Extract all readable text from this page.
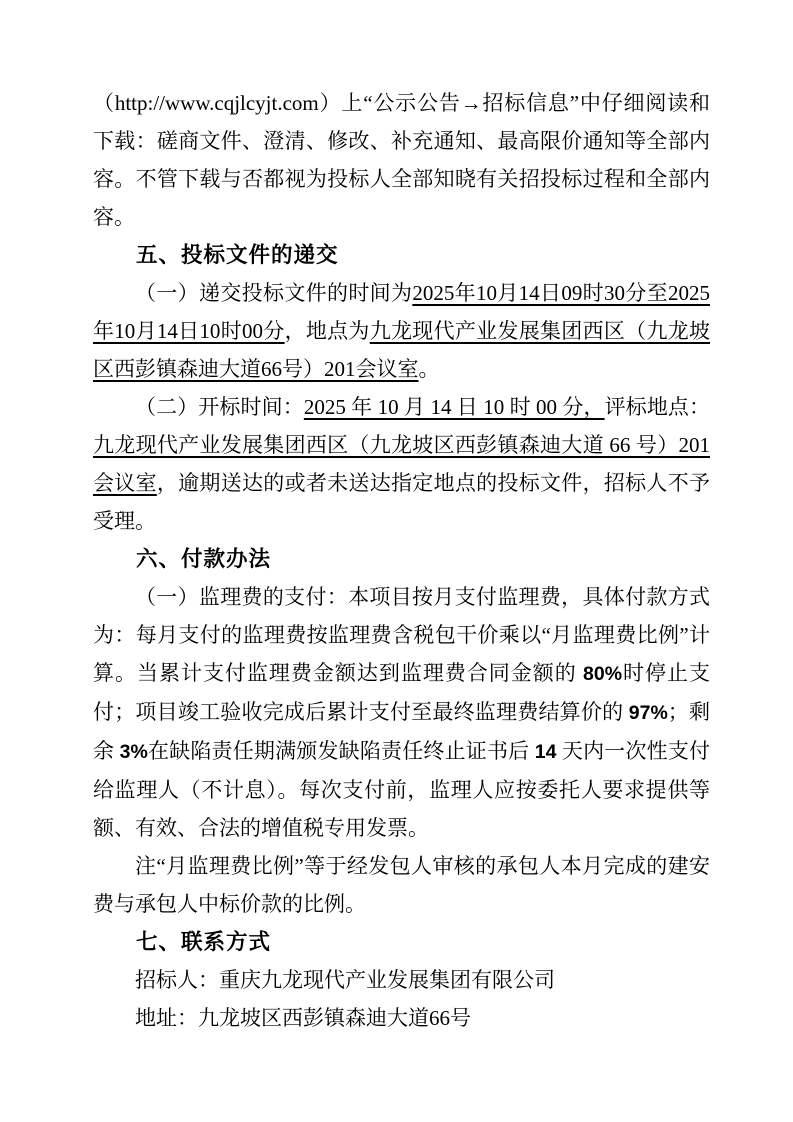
（http://www.cqjlcyjt.com）上“公示公告→招标信息”中仔细阅读和下载：磋商文件、澄清、修改、补充通知、最高限价通知等全部内容。不管下载与否都视为投标人全部知晓有关招投标过程和全部内容。

五、投标文件的递交

（一）递交投标文件的时间为2025年10月14日09时30分至2025年10月14日10时00分，地点为九龙现代产业发展集团西区（九龙坡区西彭镇森迪大道66号）201会议室。

（二）开标时间：2025 年 10 月 14 日 10 时 00 分，评标地点：九龙现代产业发展集团西区（九龙坡区西彭镇森迪大道 66 号）201会议室，逾期送达的或者未送达指定地点的投标文件，招标人不予受理。

六、付款办法

（一）监理费的支付：本项目按月支付监理费，具体付款方式为：每月支付的监理费按监理费含税包干价乘以“月监理费比例”计算。当累计支付监理费金额达到监理费合同金额的 80%时停止支付；项目竣工验收完成后累计支付至最终监理费结算价的 97%；剩余 3%在缺陷责任期满颁发缺陷责任终止证书后 14 天内一次性支付给监理人（不计息）。每次支付前，监理人应按委托人要求提供等额、有效、合法的增值税专用发票。

注“月监理费比例”等于经发包人审核的承包人本月完成的建安费与承包人中标价款的比例。

七、联系方式

招标人：重庆九龙现代产业发展集团有限公司

地址：九龙坡区西彭镇森迪大道66号
